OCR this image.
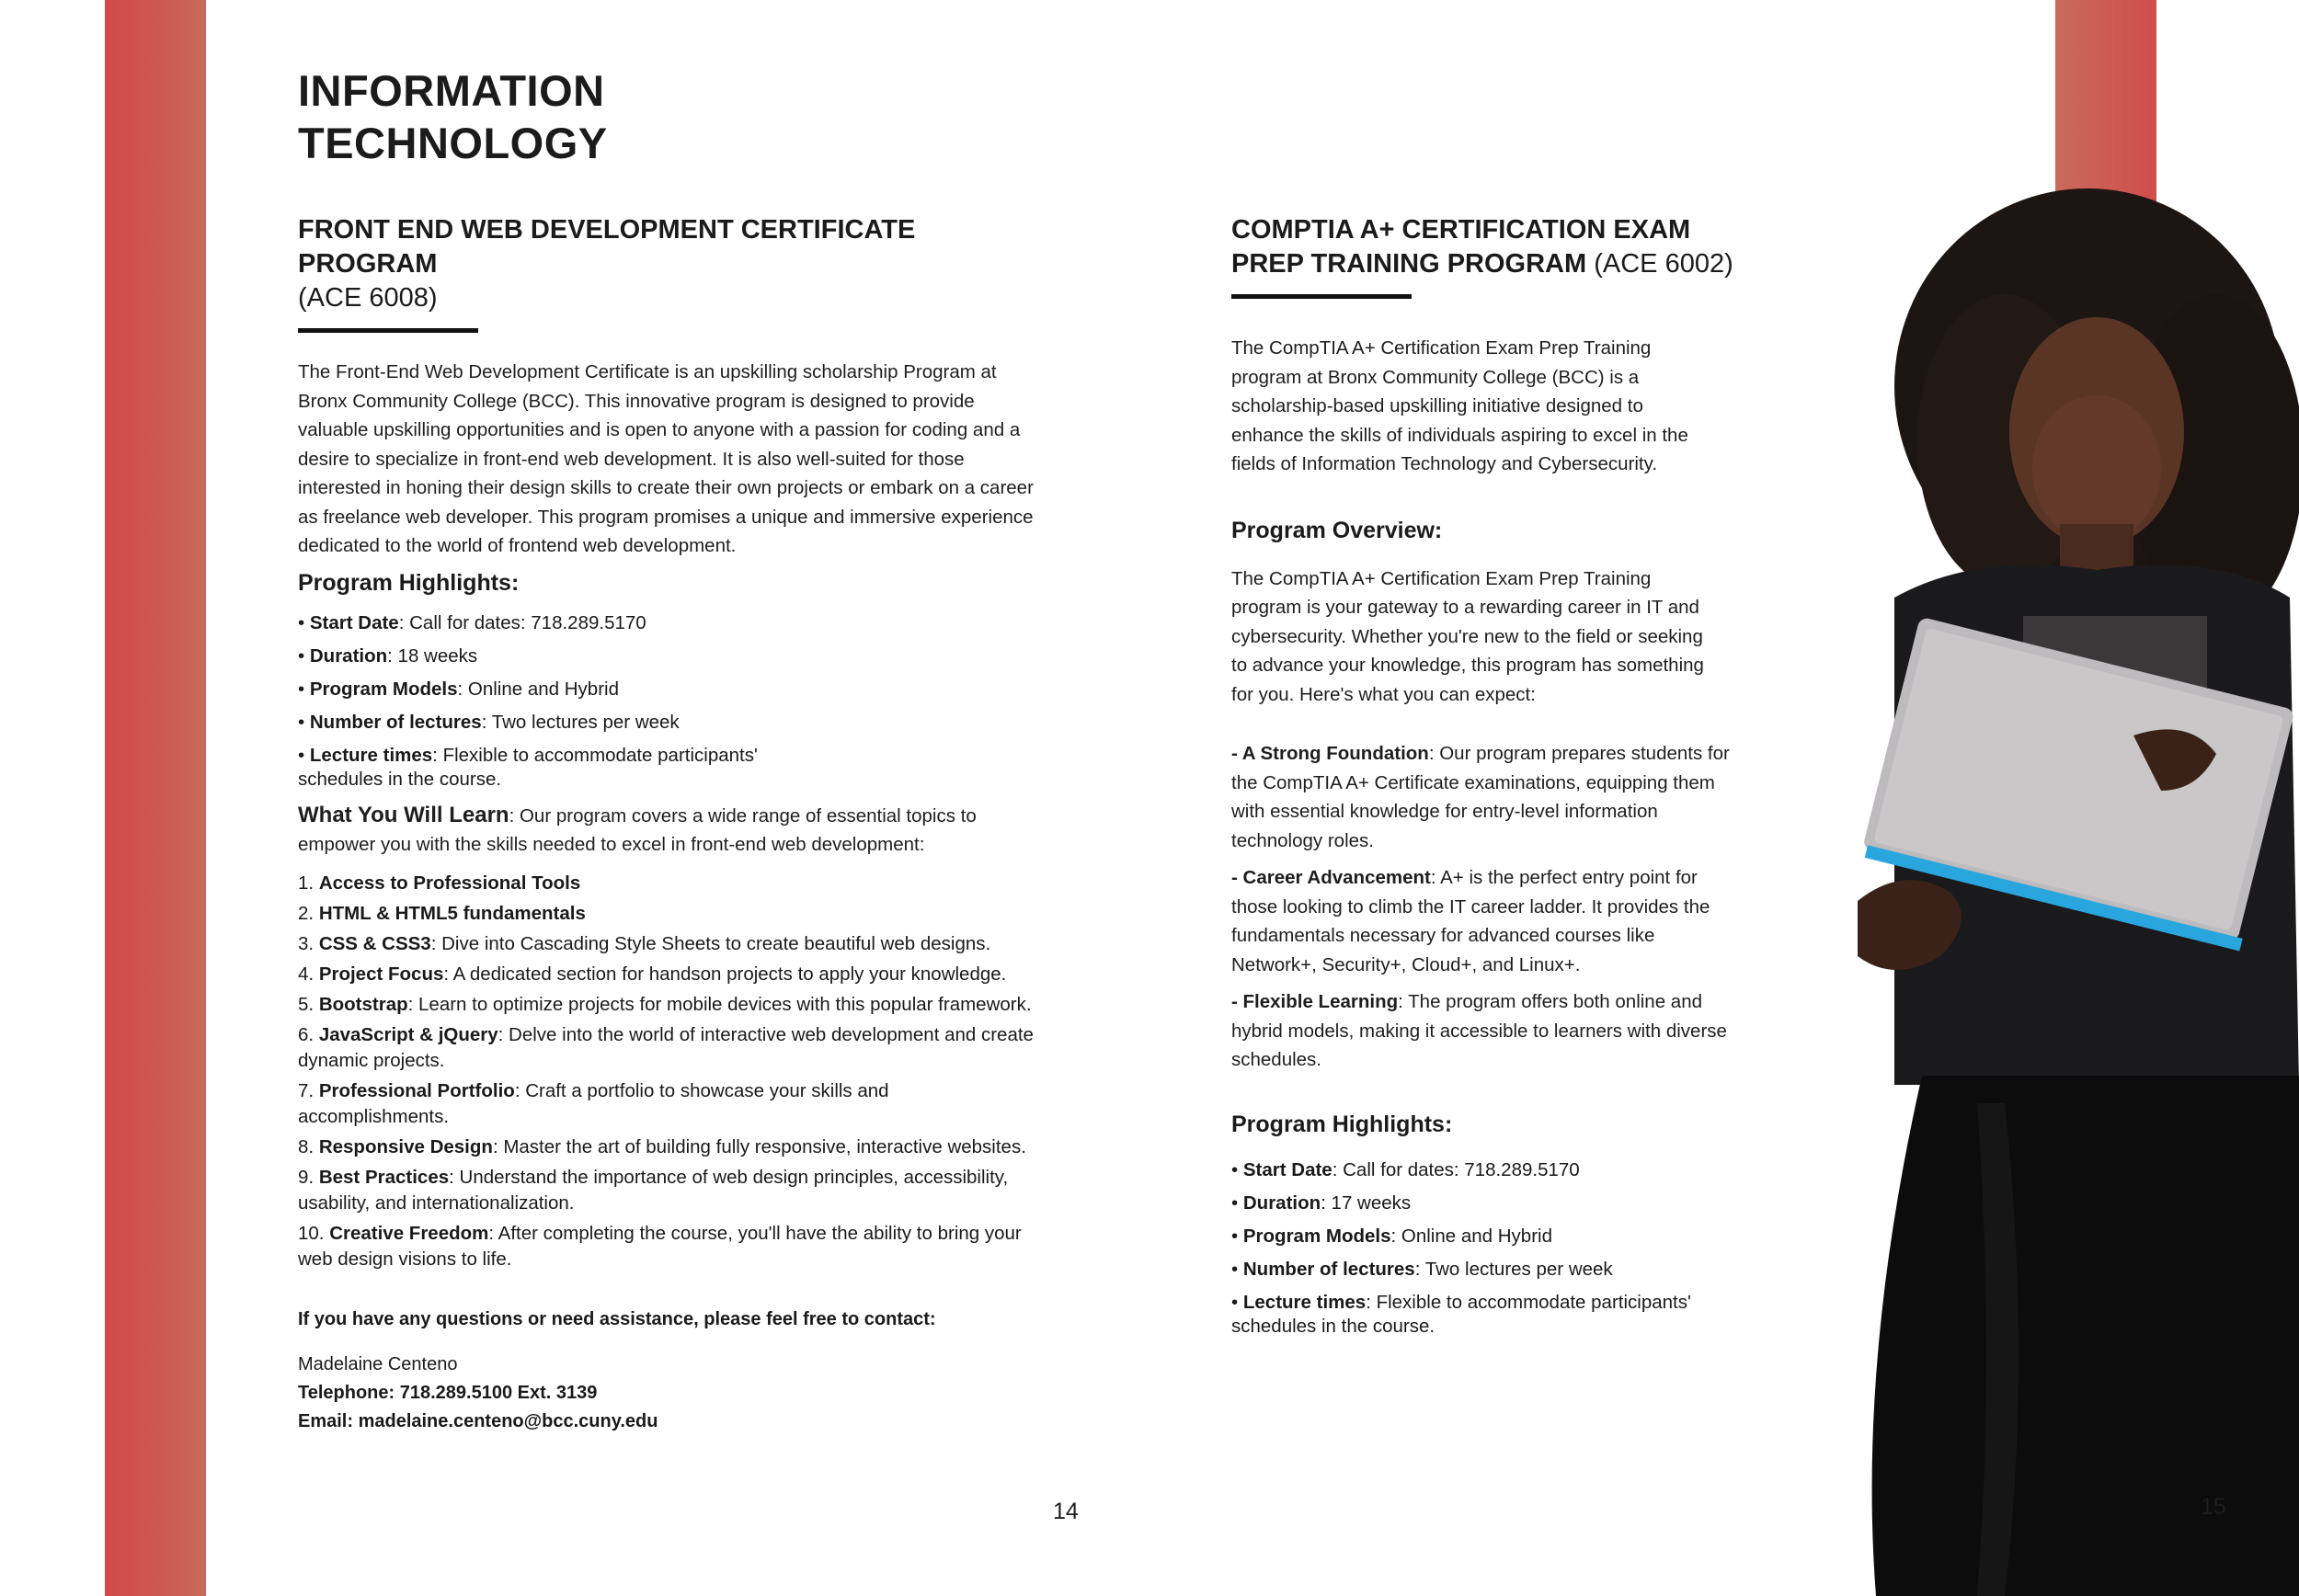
INFORMATION
TECHNOLOGY
FRONT END WEB DEVELOPMENT CERTIFICATE PROGRAM
(ACE 6008)

The Front-End Web Development Certificate is an upskilling scholarship Program at Bronx Community College (BCC). This innovative program is designed to provide valuable upskilling opportunities and is open to anyone with a passion for coding and a desire to specialize in front-end web development. It is also well-suited for those interested in honing their design skills to create their own projects or embark on a career as freelance web developer. This program promises a unique and immersive experience dedicated to the world of frontend web development.

Program Highlights:
• Start Date: Call for dates: 718.289.5170
• Duration: 18 weeks
• Program Models: Online and Hybrid
• Number of lectures: Two lectures per week
• Lecture times: Flexible to accommodate participants' schedules in the course.

What You Will Learn: Our program covers a wide range of essential topics to empower you with the skills needed to excel in front-end web development:

1. Access to Professional Tools
2. HTML & HTML5 fundamentals
3. CSS & CSS3: Dive into Cascading Style Sheets to create beautiful web designs.
4. Project Focus: A dedicated section for handson projects to apply your knowledge.
5. Bootstrap: Learn to optimize projects for mobile devices with this popular framework.
6. JavaScript & jQuery: Delve into the world of interactive web development and create dynamic projects.
7. Professional Portfolio: Craft a portfolio to showcase your skills and accomplishments.
8. Responsive Design: Master the art of building fully responsive, interactive websites.
9. Best Practices: Understand the importance of web design principles, accessibility, usability, and internationalization.
10. Creative Freedom: After completing the course, you'll have the ability to bring your web design visions to life.
If you have any questions or need assistance, please feel free to contact:
Madelaine Centeno
Telephone: 718.289.5100 Ext. 3139
Email: madelaine.centeno@bcc.cuny.edu
14
COMPTIA A+ CERTIFICATION EXAM PREP TRAINING PROGRAM (ACE 6002)

The CompTIA A+ Certification Exam Prep Training program at Bronx Community College (BCC) is a scholarship-based upskilling initiative designed to enhance the skills of individuals aspiring to excel in the fields of Information Technology and Cybersecurity.

Program Overview:

The CompTIA A+ Certification Exam Prep Training program is your gateway to a rewarding career in IT and cybersecurity. Whether you're new to the field or seeking to advance your knowledge, this program has something for you. Here's what you can expect:

- A Strong Foundation: Our program prepares students for the CompTIA A+ Certificate examinations, equipping them with essential knowledge for entry-level information technology roles.

- Career Advancement: A+ is the perfect entry point for those looking to climb the IT career ladder. It provides the fundamentals necessary for advanced courses like Network+, Security+, Cloud+, and Linux+.

- Flexible Learning: The program offers both online and hybrid models, making it accessible to learners with diverse schedules.

Program Highlights:
• Start Date: Call for dates: 718.289.5170
• Duration: 17 weeks
• Program Models: Online and Hybrid
• Number of lectures: Two lectures per week
• Lecture times: Flexible to accommodate participants' schedules in the course.
15
